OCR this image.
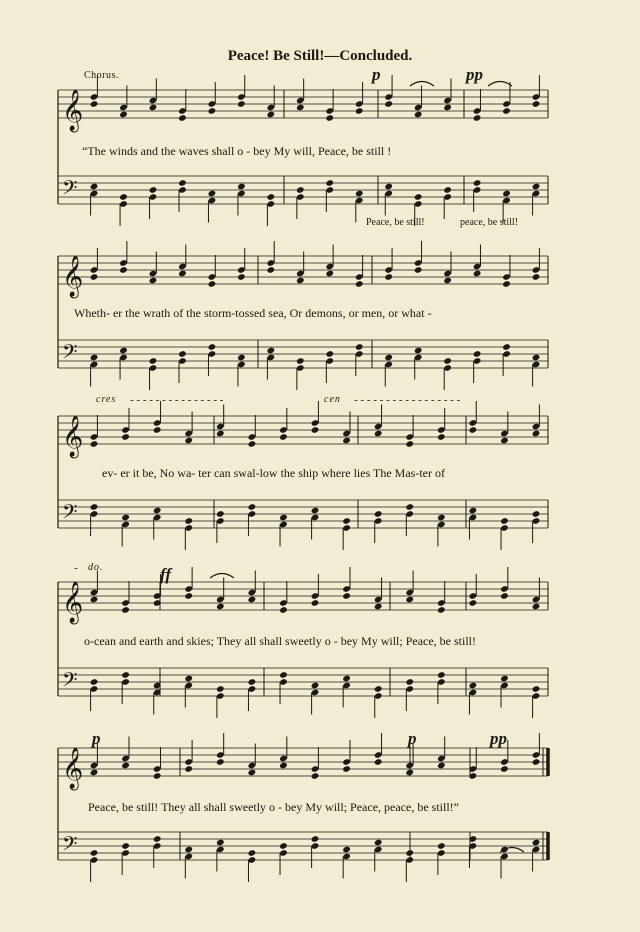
Peace! Be Still!—Concluded.
Chorus.	p	pp
“The winds and the waves shall o - bey My will, Peace, be still !
Peace, be still!	peace, be still!
Wheth- er the wrath of the storm-tossed sea, Or demons, or men, or what -
cres	cen
- - - - - - - - - - - - - - -	- - - - - - - - - - - - - - - - -
ev- er it be, No wa- ter can swal-low the ship where lies The Mas-ter of
- do.	ff
o-cean and earth and skies; They all shall sweetly o - bey My will; Peace, be still!
p	p	pp
Peace, be still! They all shall sweetly o - bey My will; Peace, peace, be still!”
𝄞
𝄢
𝄞
𝄢
𝄞
𝄢
𝄞
𝄢
𝄞
𝄢
